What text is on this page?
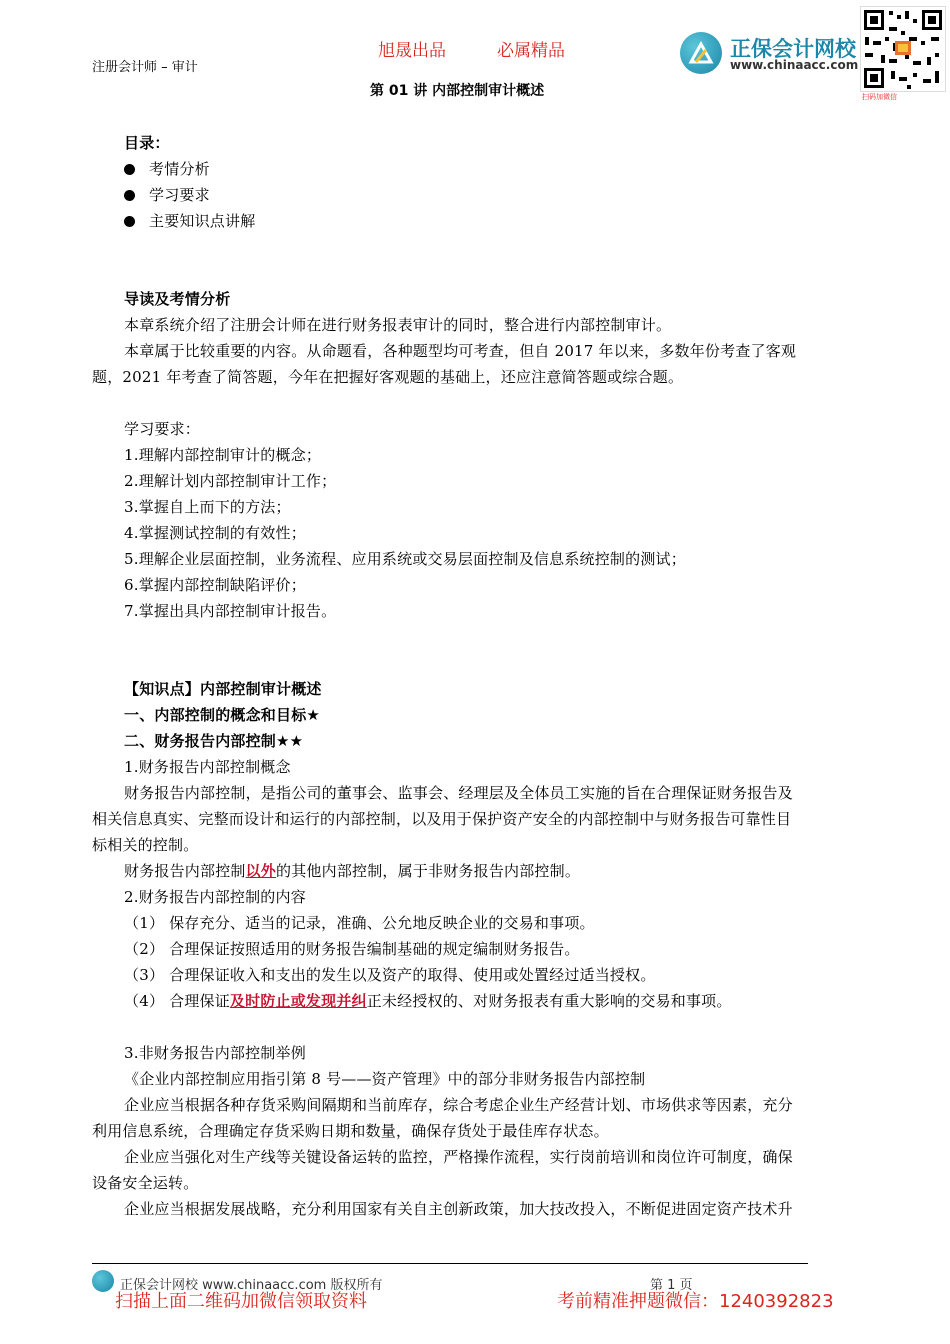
注册会计师 – 审计
旭晟出品	必属精品
第 01 讲 内部控制审计概述
正保会计网校
www.chinaacc.com
扫码加微信
目录：
考情分析
学习要求
主要知识点讲解
导读及考情分析
本章系统介绍了注册会计师在进行财务报表审计的同时，整合进行内部控制审计。
本章属于比较重要的内容。从命题看，各种题型均可考查，但自 2017 年以来，多数年份考查了客观
题，2021 年考查了简答题，今年在把握好客观题的基础上，还应注意简答题或综合题。
学习要求：
1.理解内部控制审计的概念；
2.理解计划内部控制审计工作；
3.掌握自上而下的方法；
4.掌握测试控制的有效性；
5.理解企业层面控制，业务流程、应用系统或交易层面控制及信息系统控制的测试；
6.掌握内部控制缺陷评价；
7.掌握出具内部控制审计报告。
【知识点】内部控制审计概述
一、内部控制的概念和目标★
二、财务报告内部控制★★
1.财务报告内部控制概念
财务报告内部控制，是指公司的董事会、监事会、经理层及全体员工实施的旨在合理保证财务报告及
相关信息真实、完整而设计和运行的内部控制，以及用于保护资产安全的内部控制中与财务报告可靠性目
标相关的控制。
财务报告内部控制以外的其他内部控制，属于非财务报告内部控制。
2.财务报告内部控制的内容
（1） 保存充分、适当的记录，准确、公允地反映企业的交易和事项。
（2） 合理保证按照适用的财务报告编制基础的规定编制财务报告。
（3） 合理保证收入和支出的发生以及资产的取得、使用或处置经过适当授权。
（4） 合理保证及时防止或发现并纠正未经授权的、对财务报表有重大影响的交易和事项。
3.非财务报告内部控制举例
《企业内部控制应用指引第 8 号——资产管理》中的部分非财务报告内部控制
企业应当根据各种存货采购间隔期和当前库存，综合考虑企业生产经营计划、市场供求等因素，充分
利用信息系统，合理确定存货采购日期和数量，确保存货处于最佳库存状态。
企业应当强化对生产线等关键设备运转的监控，严格操作流程，实行岗前培训和岗位许可制度，确保
设备安全运转。
企业应当根据发展战略，充分利用国家有关自主创新政策，加大技改投入，不断促进固定资产技术升
正保会计网校 www.chinaacc.com 版权所有	第 1 页
扫描上面二维码加微信领取资料	考前精准押题微信：1240392823
